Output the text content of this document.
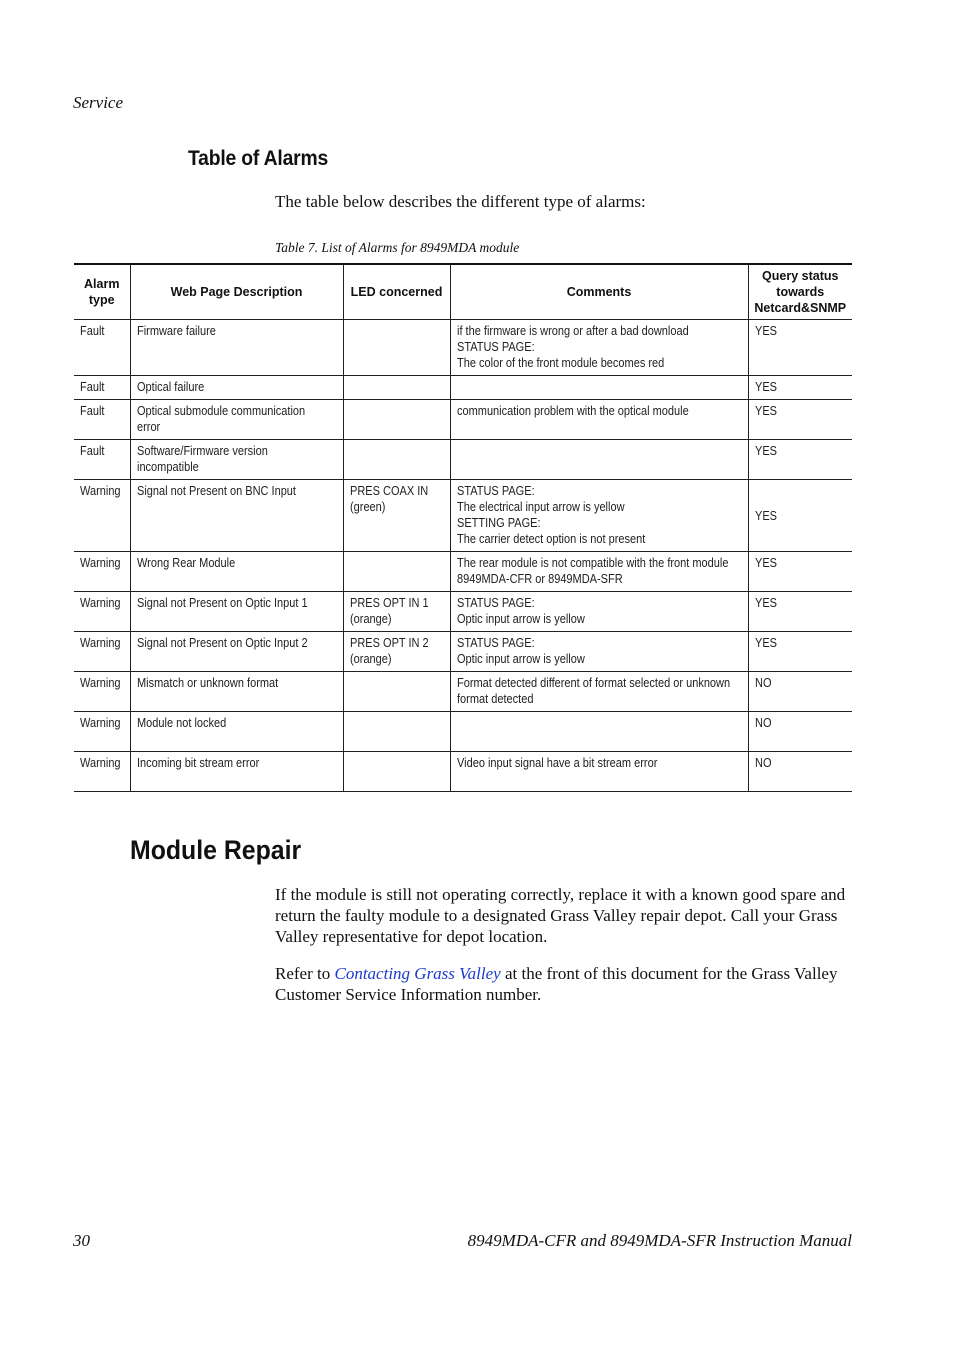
Service
Table of Alarms
The table below describes the different type of alarms:
Table 7. List of Alarms for 8949MDA module
Alarm type	Web Page Description	LED concerned	Comments	Query status towards Netcard&SNMP
Fault	Firmware failure		if the firmware is wrong or after a bad download
STATUS PAGE:
The color of the front module becomes red	YES
Fault	Optical failure			YES
Fault	Optical submodule communication
error		communication problem with the optical module	YES
Fault	Software/Firmware version
incompatible			YES
Warning	Signal not Present on BNC Input	PRES COAX IN
(green)	STATUS PAGE:
The electrical input arrow is yellow
SETTING PAGE:
The carrier detect option is not present	YES
Warning	Wrong Rear Module		The rear module is not compatible with the front module
8949MDA-CFR or 8949MDA-SFR	YES
Warning	Signal not Present on Optic Input 1	PRES OPT IN 1
(orange)	STATUS PAGE:
Optic input arrow is yellow	YES
Warning	Signal not Present on Optic Input 2	PRES OPT IN 2
(orange)	STATUS PAGE:
Optic input arrow is yellow	YES
Warning	Mismatch or unknown format		Format detected different of format selected or unknown
format detected	NO
Warning	Module not locked			NO
Warning	Incoming bit stream error		Video input signal have a bit stream error	NO
Module Repair
If the module is still not operating correctly, replace it with a known good spare and return the faulty module to a designated Grass Valley repair depot. Call your Grass Valley representative for depot location.
Refer to Contacting Grass Valley at the front of this document for the Grass Valley Customer Service Information number.
30	8949MDA-CFR and 8949MDA-SFR Instruction Manual
